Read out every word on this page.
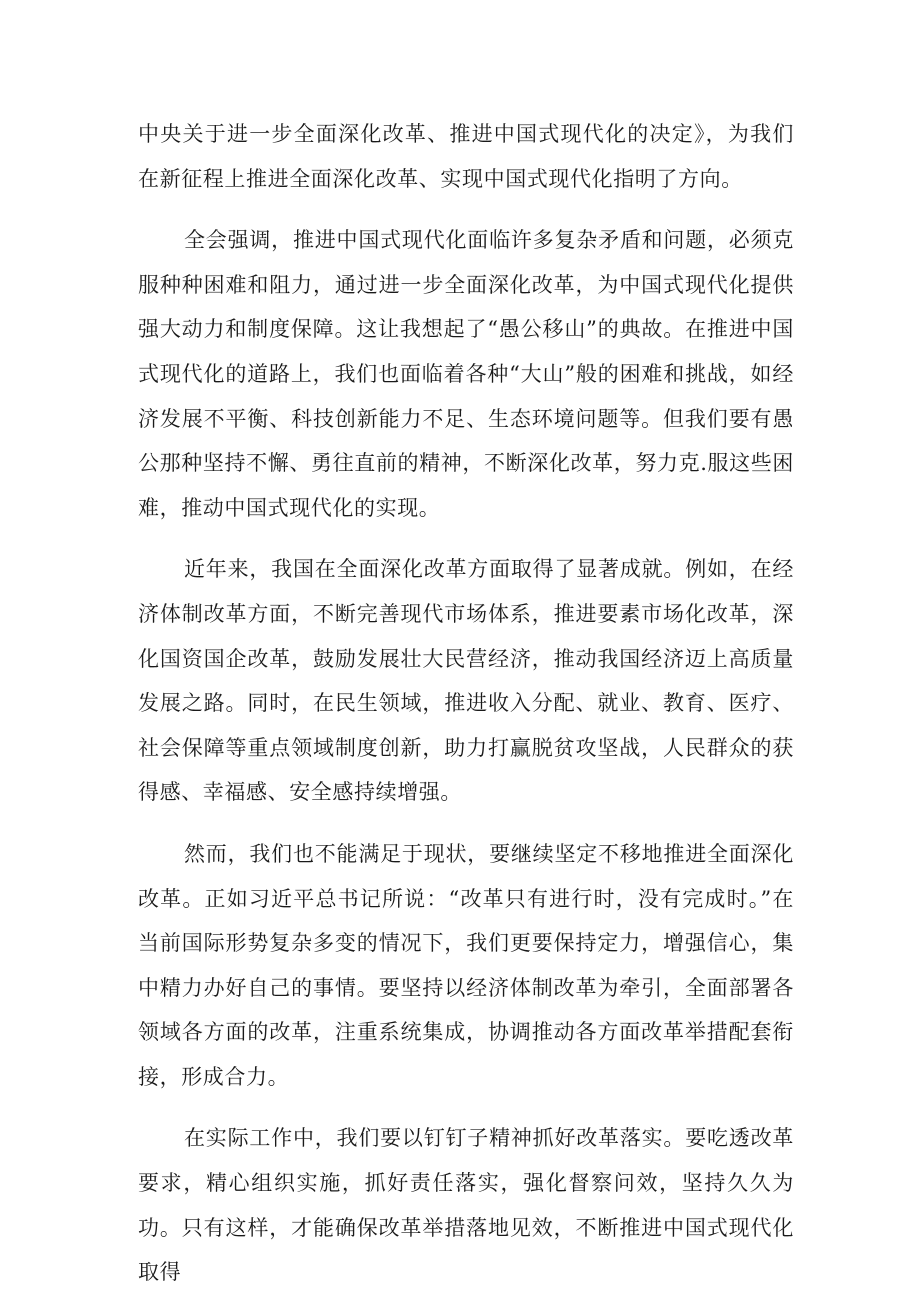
中央关于进一步全面深化改革、推进中国式现代化的决定》，为我们在新征程上推进全面深化改革、实现中国式现代化指明了方向。

全会强调，推进中国式现代化面临许多复杂矛盾和问题，必须克服种种困难和阻力，通过进一步全面深化改革，为中国式现代化提供强大动力和制度保障。这让我想起了“愚公移山”的典故。在推进中国式现代化的道路上，我们也面临着各种“大山”般的困难和挑战，如经济发展不平衡、科技创新能力不足、生态环境问题等。但我们要有愚公那种坚持不懈、勇往直前的精神，不断深化改革，努力克.服这些困难，推动中国式现代化的实现。

近年来，我国在全面深化改革方面取得了显著成就。例如，在经济体制改革方面，不断完善现代市场体系，推进要素市场化改革，深化国资国企改革，鼓励发展壮大民营经济，推动我国经济迈上高质量发展之路。同时，在民生领域，推进收入分配、就业、教育、医疗、社会保障等重点领域制度创新，助力打赢脱贫攻坚战，人民群众的获得感、幸福感、安全感持续增强。

然而，我们也不能满足于现状，要继续坚定不移地推进全面深化改革。正如习近平总书记所说：“改革只有进行时，没有完成时。”在当前国际形势复杂多变的情况下，我们更要保持定力，增强信心，集中精力办好自己的事情。要坚持以经济体制改革为牵引，全面部署各领域各方面的改革，注重系统集成，协调推动各方面改革举措配套衔接，形成合力。

在实际工作中，我们要以钉钉子精神抓好改革落实。要吃透改革要求，精心组织实施，抓好责任落实，强化督察问效，坚持久久为功。只有这样，才能确保改革举措落地见效，不断推进中国式现代化取得
